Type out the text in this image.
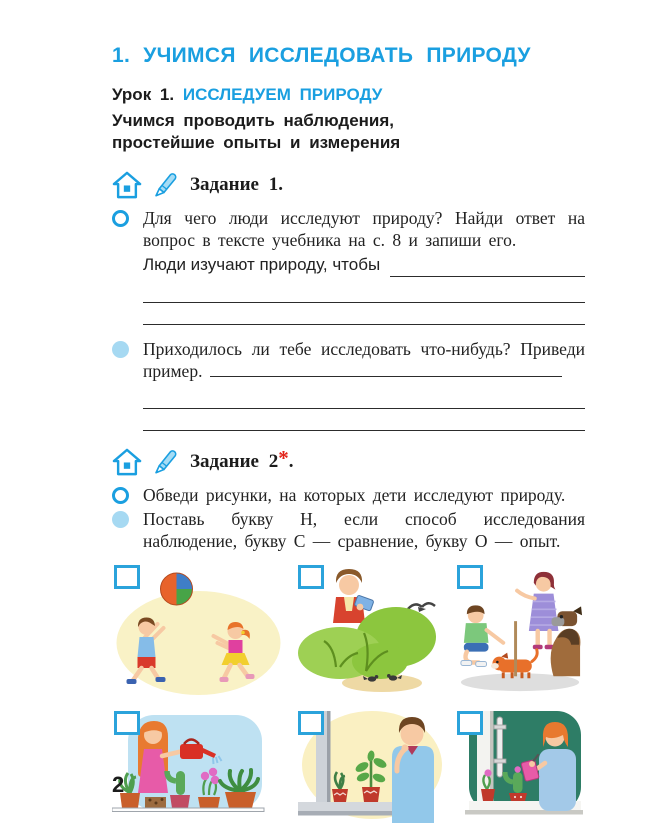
1. УЧИМСЯ ИССЛЕДОВАТЬ ПРИРОДУ
Урок 1. ИССЛЕДУЕМ ПРИРОДУ
Учимся проводить наблюдения,
простейшие опыты и измерения
Задание 1.
Для чего люди исследуют природу? Найди ответ на вопрос в тексте учебника на с. 8 и запиши его.
Люди изучают природу, чтобы
Приходилось ли тебе исследовать что-нибудь? Приведи пример.
Задание 2*.
Обведи рисунки, на которых дети исследуют природу.
Поставь букву Н, если способ исследования наблюдение, букву С — сравнение, букву О — опыт.
2
